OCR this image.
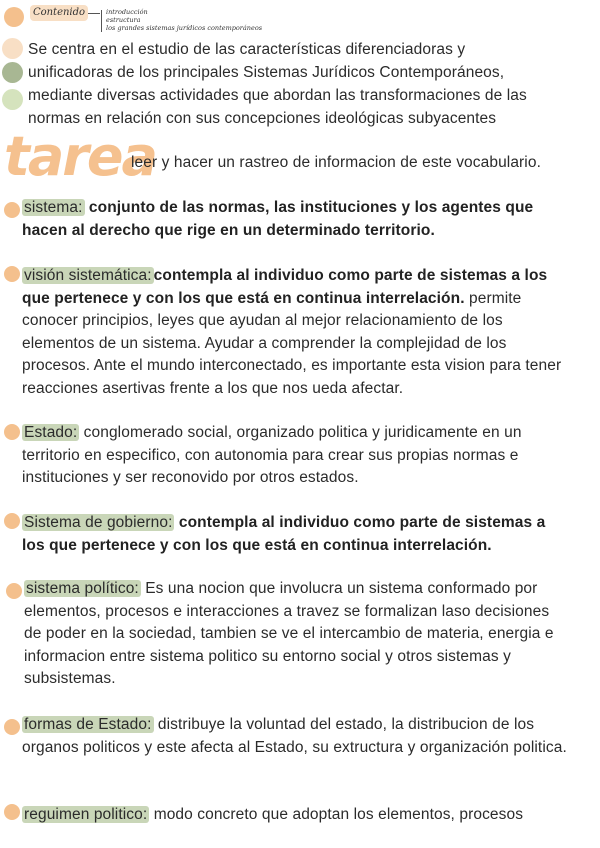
Contenido	introducción
estructura
los grandes sistemas jurídicos contemporáneos
Se centra en el estudio de las características diferenciadoras y
unificadoras de los principales Sistemas Jurídicos Contemporáneos,
mediante diversas actividades que abordan las transformaciones de las
normas en relación con sus concepciones ideológicas subyacentes
tarea
leer y hacer un rastreo de informacion de este vocabulario.
sistema: conjunto de las normas, las instituciones y los agentes que hacen al derecho que rige en un determinado territorio.
visión sistemática: contempla al individuo como parte de sistemas a los que pertenece y con los que está en continua interrelación. permite conocer principios, leyes que ayudan al mejor relacionamiento de los elementos de un sistema. Ayudar a comprender la complejidad de los procesos. Ante el mundo interconectado, es importante esta vision para tener reacciones asertivas frente a los que nos ueda afectar.
Estado: conglomerado social, organizado politica y juridicamente en un territorio en especifico, con autonomia para crear sus propias normas e instituciones y ser reconovido por otros estados.
Sistema de gobierno: contempla al individuo como parte de sistemas a los que pertenece y con los que está en continua interrelación.
sistema político: Es una nocion que involucra un sistema conformado por elementos, procesos e interacciones a travez se formalizan laso decisiones de poder en la sociedad, tambien se ve el intercambio de materia, energia e informacion entre sistema politico su entorno social y otros sistemas y subsistemas.
formas de Estado: distribuye la voluntad del estado, la distribucion de los organos politicos y este afecta al Estado, su extructura y organización politica.
reguimen politico: modo concreto que adoptan los elementos, procesos
